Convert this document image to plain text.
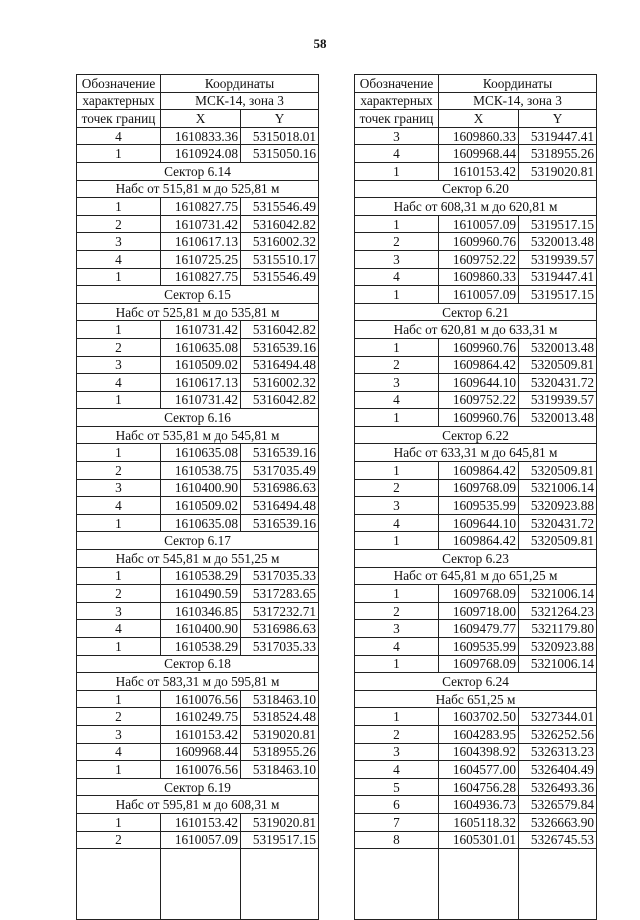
58
Обозначение	Координаты	
характерных	МСК-14, зона 3	
точек границ	X	Y
4	1610833.36	5315018.01
1	1610924.08	5315050.16
Сектор 6.14		
Набс от 515,81 м до 525,81 м		
1	1610827.75	5315546.49
2	1610731.42	5316042.82
3	1610617.13	5316002.32
4	1610725.25	5315510.17
1	1610827.75	5315546.49
Сектор 6.15		
Набс от 525,81 м до 535,81 м		
1	1610731.42	5316042.82
2	1610635.08	5316539.16
3	1610509.02	5316494.48
4	1610617.13	5316002.32
1	1610731.42	5316042.82
Сектор 6.16		
Набс от 535,81 м до 545,81 м		
1	1610635.08	5316539.16
2	1610538.75	5317035.49
3	1610400.90	5316986.63
4	1610509.02	5316494.48
1	1610635.08	5316539.16
Сектор 6.17		
Набс от 545,81 м до 551,25 м		
1	1610538.29	5317035.33
2	1610490.59	5317283.65
3	1610346.85	5317232.71
4	1610400.90	5316986.63
1	1610538.29	5317035.33
Сектор 6.18		
Набс от 583,31 м до 595,81 м		
1	1610076.56	5318463.10
2	1610249.75	5318524.48
3	1610153.42	5319020.81
4	1609968.44	5318955.26
1	1610076.56	5318463.10
Сектор 6.19		
Набс от 595,81 м до 608,31 м		
1	1610153.42	5319020.81
2	1610057.09	5319517.15

Обозначение	Координаты	
характерных	МСК-14, зона 3	
точек границ	X	Y
3	1609860.33	5319447.41
4	1609968.44	5318955.26
1	1610153.42	5319020.81
Сектор 6.20		
Набс от 608,31 м до 620,81 м		
1	1610057.09	5319517.15
2	1609960.76	5320013.48
3	1609752.22	5319939.57
4	1609860.33	5319447.41
1	1610057.09	5319517.15
Сектор 6.21		
Набс от 620,81 м до 633,31 м		
1	1609960.76	5320013.48
2	1609864.42	5320509.81
3	1609644.10	5320431.72
4	1609752.22	5319939.57
1	1609960.76	5320013.48
Сектор 6.22		
Набс от 633,31 м до 645,81 м		
1	1609864.42	5320509.81
2	1609768.09	5321006.14
3	1609535.99	5320923.88
4	1609644.10	5320431.72
1	1609864.42	5320509.81
Сектор 6.23		
Набс от 645,81 м до 651,25 м		
1	1609768.09	5321006.14
2	1609718.00	5321264.23
3	1609479.77	5321179.80
4	1609535.99	5320923.88
1	1609768.09	5321006.14
Сектор 6.24		
Набс 651,25 м		
1	1603702.50	5327344.01
2	1604283.95	5326252.56
3	1604398.92	5326313.23
4	1604577.00	5326404.49
5	1604756.28	5326493.36
6	1604936.73	5326579.84
7	1605118.32	5326663.90
8	1605301.01	5326745.53
